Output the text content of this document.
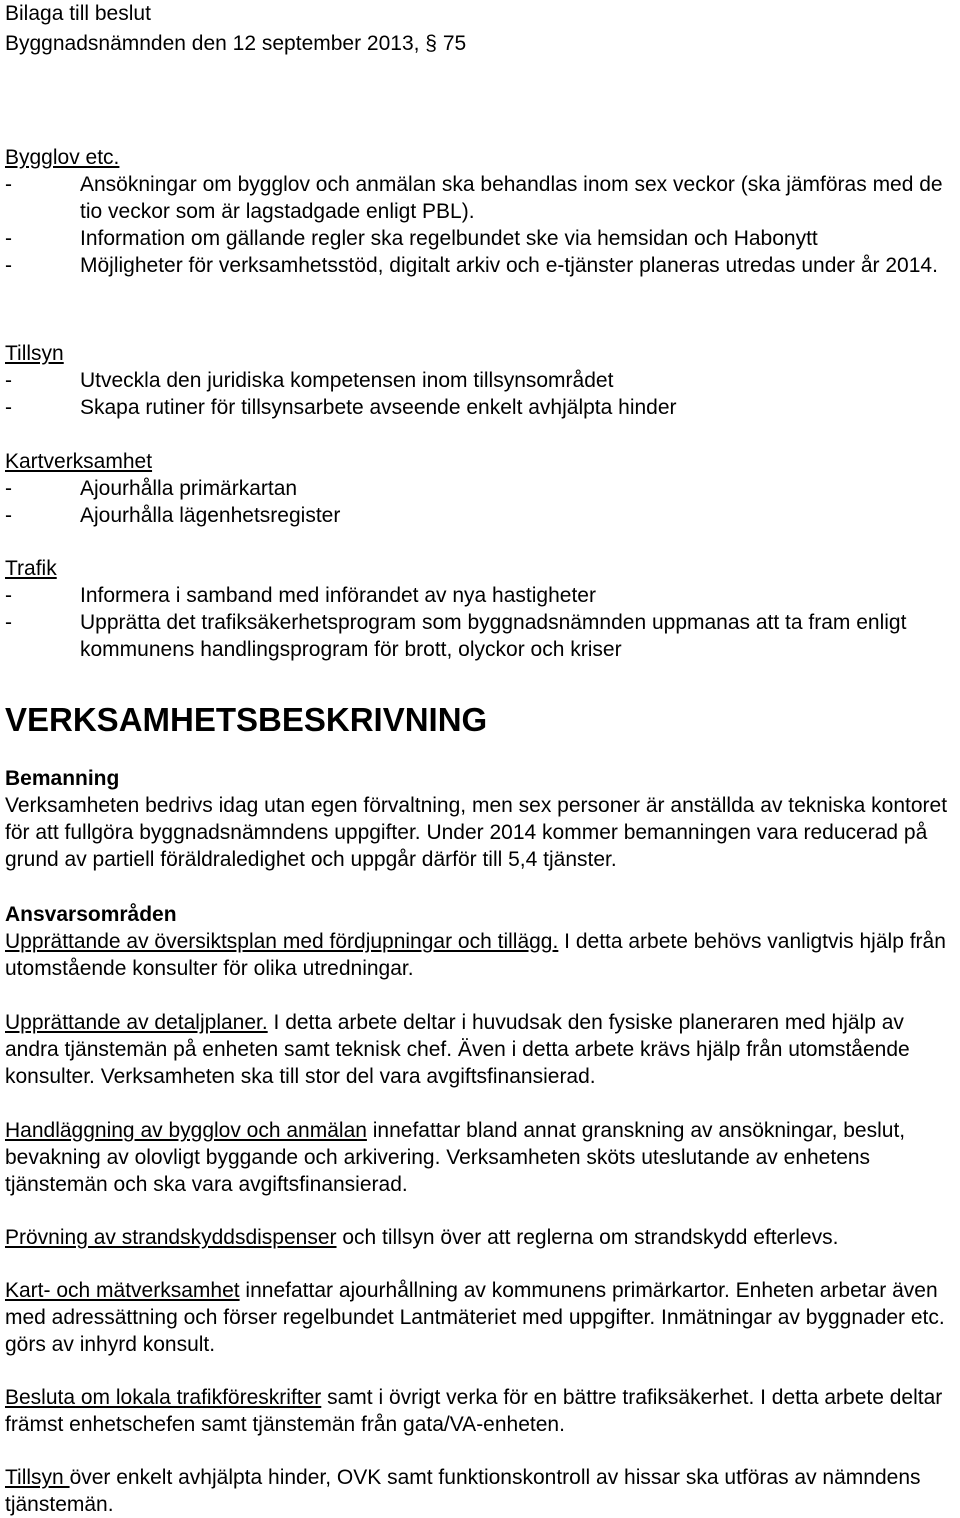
Bilaga till beslut
Byggnadsnämnden den 12 september 2013, § 75
Bygglov etc.
-	Ansökningar om bygglov och anmälan ska behandlas inom sex veckor (ska jämföras med de tio veckor som är lagstadgade enligt PBL).
-	Information om gällande regler ska regelbundet ske via hemsidan och Habonytt
-	Möjligheter för verksamhetsstöd, digitalt arkiv och e-tjänster planeras utredas under år 2014.
Tillsyn
-	Utveckla den juridiska kompetensen inom tillsynsområdet
-	Skapa rutiner för tillsynsarbete avseende enkelt avhjälpta hinder
Kartverksamhet
-	Ajourhålla primärkartan
-	Ajourhålla lägenhetsregister
Trafik
-	Informera i samband med införandet av nya hastigheter
-	Upprätta det trafiksäkerhetsprogram som byggnadsnämnden uppmanas att ta fram enligt kommunens handlingsprogram för brott, olyckor och kriser
VERKSAMHETSBESKRIVNING
Bemanning

Verksamheten bedrivs idag utan egen förvaltning, men sex personer är anställda av tekniska kontoret för att fullgöra byggnadsnämndens uppgifter. Under 2014 kommer bemanningen vara reducerad på grund av partiell föräldraledighet och uppgår därför till 5,4 tjänster.

Ansvarsområden

Upprättande av översiktsplan med fördjupningar och tillägg. I detta arbete behövs vanligtvis hjälp från utomstående konsulter för olika utredningar.

Upprättande av detaljplaner. I detta arbete deltar i huvudsak den fysiske planeraren med hjälp av andra tjänstemän på enheten samt teknisk chef. Även i detta arbete krävs hjälp från utomstående konsulter. Verksamheten ska till stor del vara avgiftsfinansierad.

Handläggning av bygglov och anmälan innefattar bland annat granskning av ansökningar, beslut, bevakning av olovligt byggande och arkivering. Verksamheten sköts uteslutande av enhetens tjänstemän och ska vara avgiftsfinansierad.

Prövning av strandskyddsdispenser och tillsyn över att reglerna om strandskydd efterlevs.

Kart- och mätverksamhet innefattar ajourhållning av kommunens primärkartor. Enheten arbetar även med adressättning och förser regelbundet Lantmäteriet med uppgifter. Inmätningar av byggnader etc. görs av inhyrd konsult.

Besluta om lokala trafikföreskrifter samt i övrigt verka för en bättre trafiksäkerhet. I detta arbete deltar främst enhetschefen samt tjänstemän från gata/VA-enheten.

Tillsyn över enkelt avhjälpta hinder, OVK samt funktionskontroll av hissar ska utföras av nämndens tjänstemän.
